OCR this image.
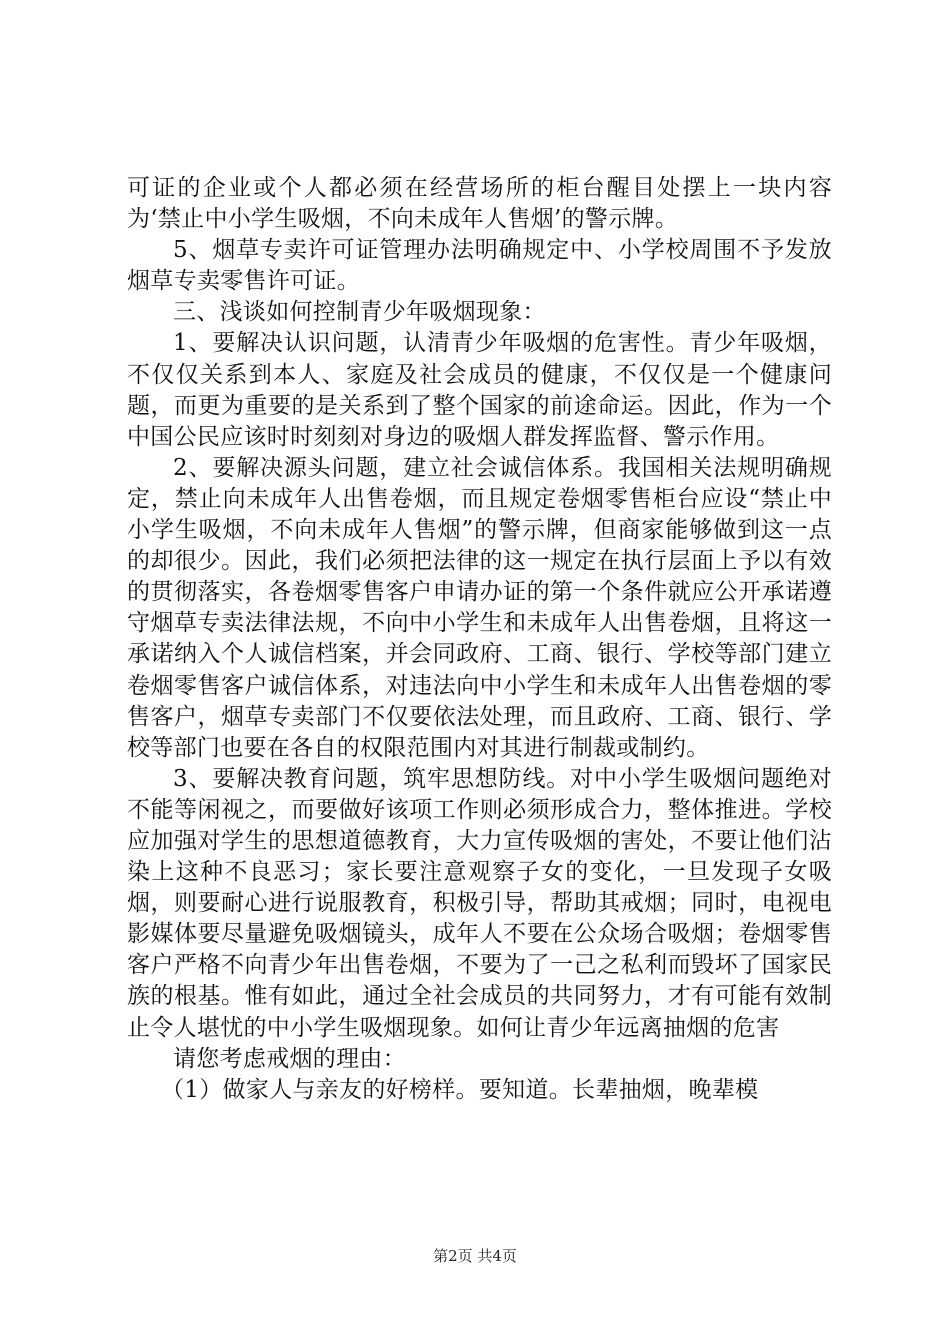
可证的企业或个人都必须在经营场所的柜台醒目处摆上一块内容为‘禁止中小学生吸烟，不向未成年人售烟’的警示牌。

5、烟草专卖许可证管理办法明确规定中、小学校周围不予发放烟草专卖零售许可证。

三、浅谈如何控制青少年吸烟现象：

1、要解决认识问题，认清青少年吸烟的危害性。青少年吸烟，不仅仅关系到本人、家庭及社会成员的健康，不仅仅是一个健康问题，而更为重要的是关系到了整个国家的前途命运。因此，作为一个中国公民应该时时刻刻对身边的吸烟人群发挥监督、警示作用。

2、要解决源头问题，建立社会诚信体系。我国相关法规明确规定，禁止向未成年人出售卷烟，而且规定卷烟零售柜台应设“禁止中小学生吸烟，不向未成年人售烟”的警示牌，但商家能够做到这一点的却很少。因此，我们必须把法律的这一规定在执行层面上予以有效的贯彻落实，各卷烟零售客户申请办证的第一个条件就应公开承诺遵守烟草专卖法律法规，不向中小学生和未成年人出售卷烟，且将这一承诺纳入个人诚信档案，并会同政府、工商、银行、学校等部门建立卷烟零售客户诚信体系，对违法向中小学生和未成年人出售卷烟的零售客户，烟草专卖部门不仅要依法处理，而且政府、工商、银行、学校等部门也要在各自的权限范围内对其进行制裁或制约。

3、要解决教育问题，筑牢思想防线。对中小学生吸烟问题绝对不能等闲视之，而要做好该项工作则必须形成合力，整体推进。学校应加强对学生的思想道德教育，大力宣传吸烟的害处，不要让他们沾染上这种不良恶习；家长要注意观察子女的变化，一旦发现子女吸烟，则要耐心进行说服教育，积极引导，帮助其戒烟；同时，电视电影媒体要尽量避免吸烟镜头，成年人不要在公众场合吸烟；卷烟零售客户严格不向青少年出售卷烟，不要为了一己之私利而毁坏了国家民族的根基。惟有如此，通过全社会成员的共同努力，才有可能有效制止令人堪忧的中小学生吸烟现象。如何让青少年远离抽烟的危害

请您考虑戒烟的理由：

（1）做家人与亲友的好榜样。要知道。长辈抽烟，晚辈模

第2页 共4页
